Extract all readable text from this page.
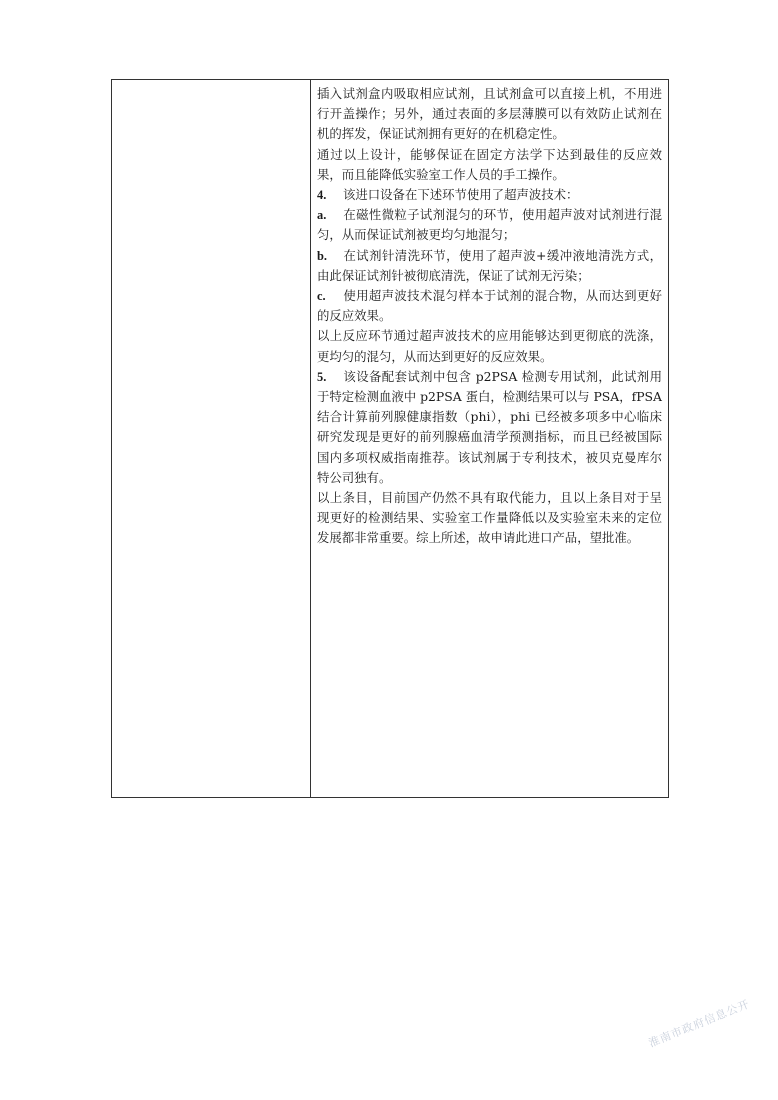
插入试剂盒内吸取相应试剂，且试剂盒可以直接上机，不用进行开盖操作；另外，通过表面的多层薄膜可以有效防止试剂在机的挥发，保证试剂拥有更好的在机稳定性。

通过以上设计，能够保证在固定方法学下达到最佳的反应效果，而且能降低实验室工作人员的手工操作。

4. 该进口设备在下述环节使用了超声波技术：

a. 在磁性微粒子试剂混匀的环节，使用超声波对试剂进行混匀，从而保证试剂被更均匀地混匀；

b. 在试剂针清洗环节，使用了超声波+缓冲液地清洗方式，由此保证试剂针被彻底清洗，保证了试剂无污染；

c. 使用超声波技术混匀样本于试剂的混合物，从而达到更好的反应效果。

以上反应环节通过超声波技术的应用能够达到更彻底的洗涤，更均匀的混匀，从而达到更好的反应效果。

5. 该设备配套试剂中包含 p2PSA 检测专用试剂，此试剂用于特定检测血液中 p2PSA 蛋白，检测结果可以与 PSA，fPSA 结合计算前列腺健康指数（phi），phi 已经被多项多中心临床研究发现是更好的前列腺癌血清学预测指标，而且已经被国际国内多项权威指南推荐。该试剂属于专利技术，被贝克曼库尔特公司独有。

以上条目，目前国产仍然不具有取代能力，且以上条目对于呈现更好的检测结果、实验室工作量降低以及实验室未来的定位发展都非常重要。综上所述，故申请此进口产品，望批准。

淮南市政府信息公开
